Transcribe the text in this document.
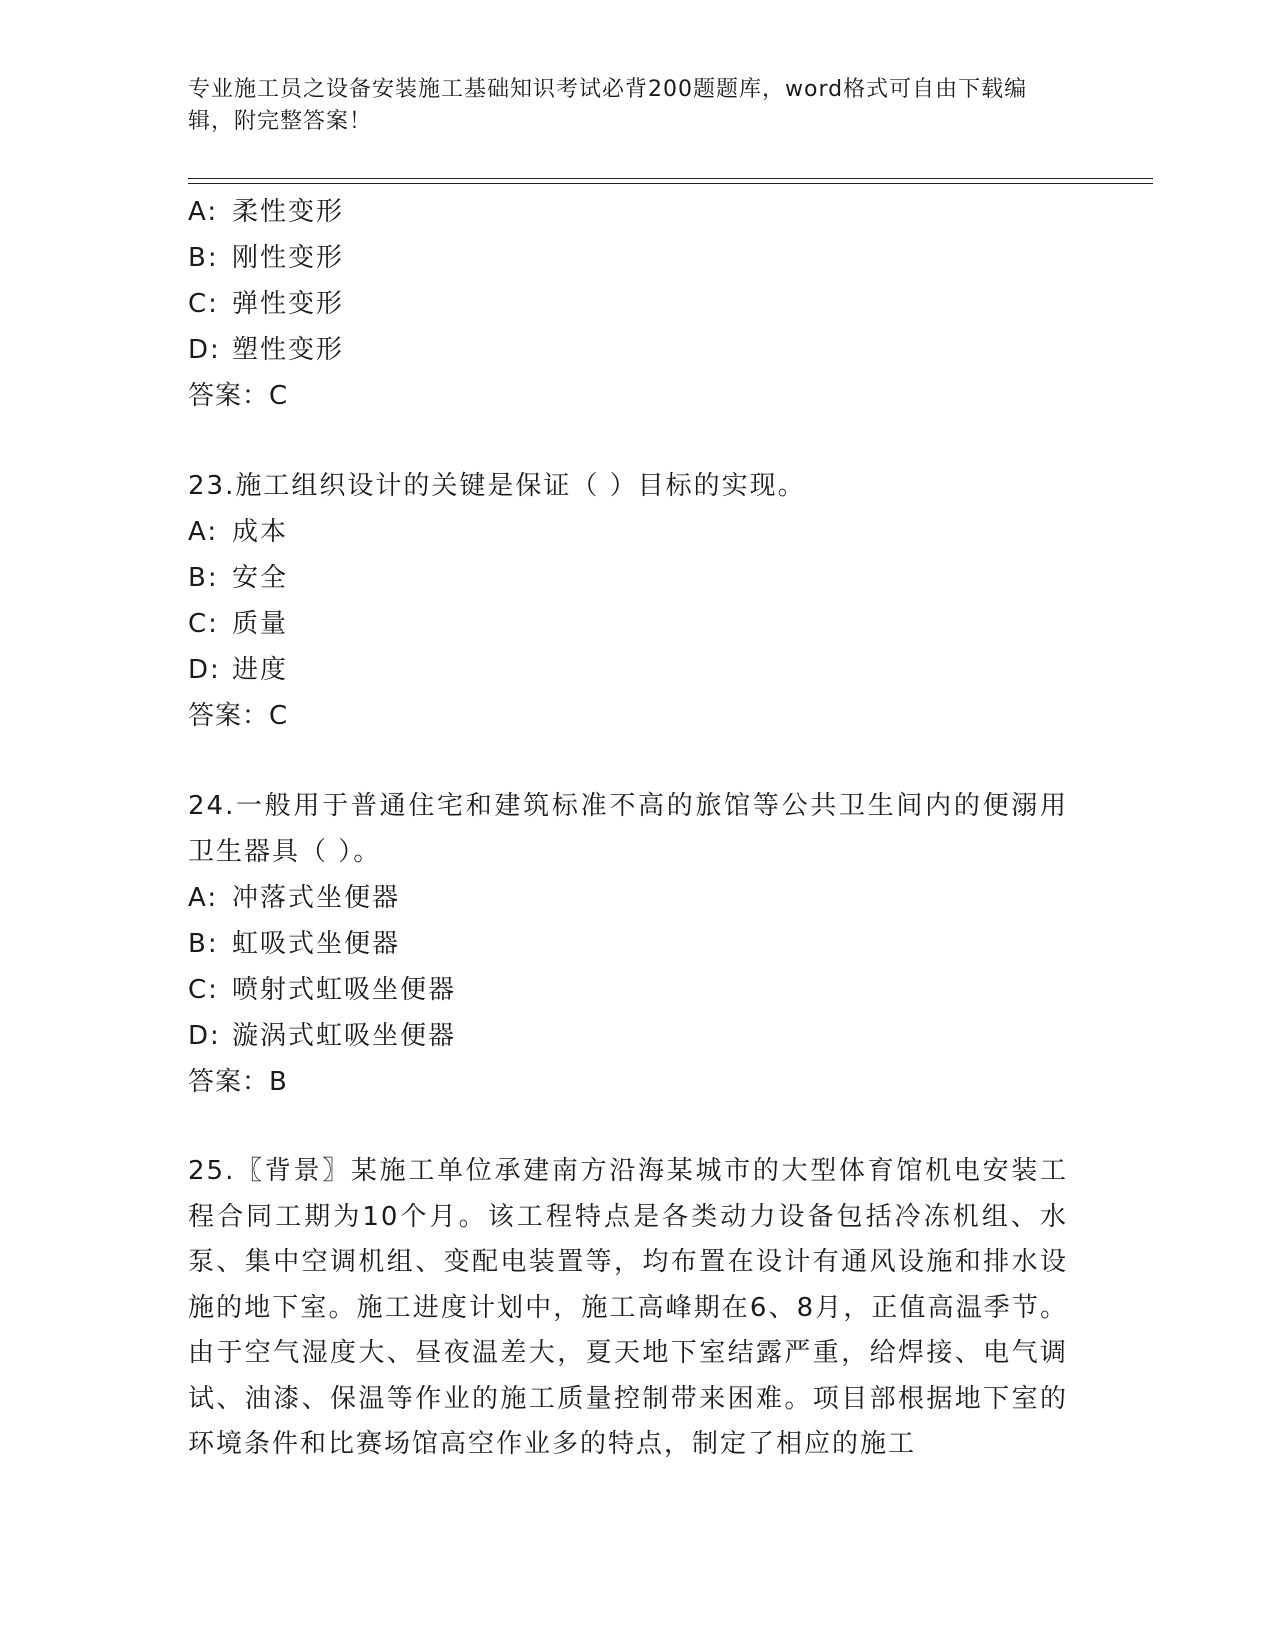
专业施工员之设备安装施工基础知识考试必背200题题库，word格式可自由下载编辑，附完整答案！
A: 柔性变形
B: 刚性变形
C: 弹性变形
D: 塑性变形
答案：C
23.施工组织设计的关键是保证（ ）目标的实现。
A: 成本
B: 安全
C: 质量
D: 进度
答案：C
24.一般用于普通住宅和建筑标准不高的旅馆等公共卫生间内的便溺用卫生器具（ ）。
A: 冲落式坐便器
B: 虹吸式坐便器
C: 喷射式虹吸坐便器
D: 漩涡式虹吸坐便器
答案：B
25.〖背景〗某施工单位承建南方沿海某城市的大型体育馆机电安装工程合同工期为10个月。该工程特点是各类动力设备包括冷冻机组、水泵、集中空调机组、变配电装置等，均布置在设计有通风设施和排水设施的地下室。施工进度计划中，施工高峰期在6、8月，正值高温季节。由于空气湿度大、昼夜温差大，夏天地下室结露严重，给焊接、电气调试、油漆、保温等作业的施工质量控制带来困难。项目部根据地下室的环境条件和比赛场馆高空作业多的特点，制定了相应的施工
